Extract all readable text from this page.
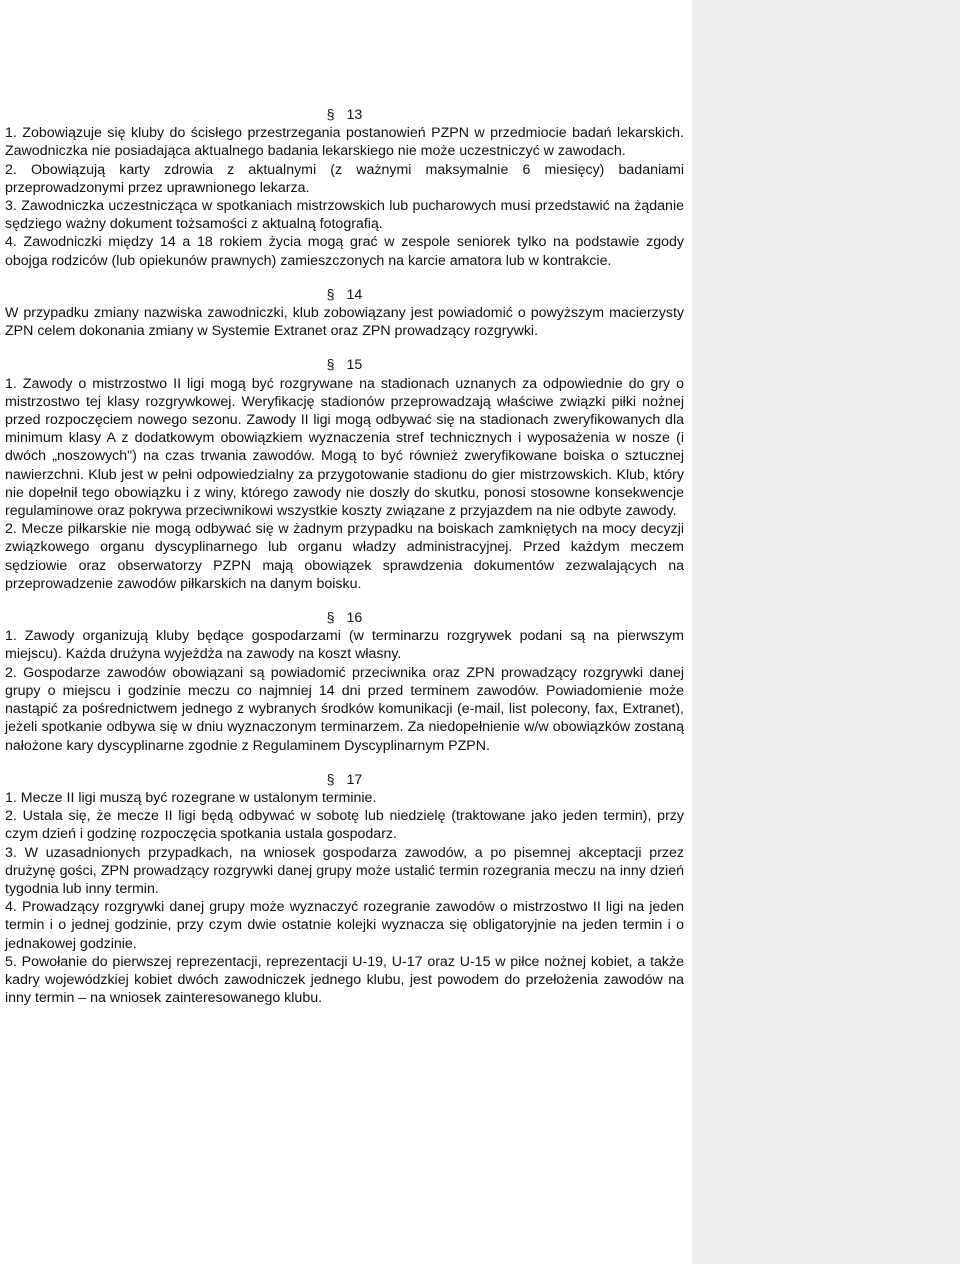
§ 13

1. Zobowiązuje się kluby do ścisłego przestrzegania postanowień PZPN w przedmiocie badań lekarskich. Zawodniczka nie posiadająca aktualnego badania lekarskiego nie może uczestniczyć w zawodach.

2. Obowiązują karty zdrowia z aktualnymi (z ważnymi maksymalnie 6 miesięcy) badaniami przeprowadzonymi przez uprawnionego lekarza.

3. Zawodniczka uczestnicząca w spotkaniach mistrzowskich lub pucharowych musi przedstawić na żądanie sędziego ważny dokument tożsamości z aktualną fotografią.

4. Zawodniczki między 14 a 18 rokiem życia mogą grać w zespole seniorek tylko na podstawie zgody obojga rodziców (lub opiekunów prawnych) zamieszczonych na karcie amatora lub w kontrakcie.

§ 14

W przypadku zmiany nazwiska zawodniczki, klub zobowiązany jest powiadomić o powyższym macierzysty ZPN celem dokonania zmiany w Systemie Extranet oraz ZPN prowadzący rozgrywki.

§ 15

1. Zawody o mistrzostwo II ligi mogą być rozgrywane na stadionach uznanych za odpowiednie do gry o mistrzostwo tej klasy rozgrywkowej. Weryfikację stadionów przeprowadzają właściwe związki piłki nożnej przed rozpoczęciem nowego sezonu. Zawody II ligi mogą odbywać się na stadionach zweryfikowanych dla minimum klasy A z dodatkowym obowiązkiem wyznaczenia stref technicznych i wyposażenia w nosze (i dwóch „noszowych") na czas trwania zawodów. Mogą to być również zweryfikowane boiska o sztucznej nawierzchni. Klub jest w pełni odpowiedzialny za przygotowanie stadionu do gier mistrzowskich. Klub, który nie dopełnił tego obowiązku i z winy, którego zawody nie doszły do skutku, ponosi stosowne konsekwencje regulaminowe oraz pokrywa przeciwnikowi wszystkie koszty związane z przyjazdem na nie odbyte zawody.

2. Mecze piłkarskie nie mogą odbywać się w żadnym przypadku na boiskach zamkniętych na mocy decyzji związkowego organu dyscyplinarnego lub organu władzy administracyjnej. Przed każdym meczem sędziowie oraz obserwatorzy PZPN mają obowiązek sprawdzenia dokumentów zezwalających na przeprowadzenie zawodów piłkarskich na danym boisku.

§ 16

1. Zawody organizują kluby będące gospodarzami (w terminarzu rozgrywek podani są na pierwszym miejscu). Każda drużyna wyjeżdża na zawody na koszt własny.

2. Gospodarze zawodów obowiązani są powiadomić przeciwnika oraz ZPN prowadzący rozgrywki danej grupy o miejscu i godzinie meczu co najmniej 14 dni przed terminem zawodów. Powiadomienie może nastąpić za pośrednictwem jednego z wybranych środków komunikacji (e-mail, list polecony, fax, Extranet), jeżeli spotkanie odbywa się w dniu wyznaczonym terminarzem. Za niedopełnienie w/w obowiązków zostaną nałożone kary dyscyplinarne zgodnie z Regulaminem Dyscyplinarnym PZPN.

§ 17

1. Mecze II ligi muszą być rozegrane w ustalonym terminie.

2. Ustala się, że mecze II ligi będą odbywać w sobotę lub niedzielę (traktowane jako jeden termin), przy czym dzień i godzinę rozpoczęcia spotkania ustala gospodarz.

3. W uzasadnionych przypadkach, na wniosek gospodarza zawodów, a po pisemnej akceptacji przez drużynę gości, ZPN prowadzący rozgrywki danej grupy może ustalić termin rozegrania meczu na inny dzień tygodnia lub inny termin.

4. Prowadzący rozgrywki danej grupy może wyznaczyć rozegranie zawodów o mistrzostwo II ligi na jeden termin i o jednej godzinie, przy czym dwie ostatnie kolejki wyznacza się obligatoryjnie na jeden termin i o jednakowej godzinie.

5. Powołanie do pierwszej reprezentacji, reprezentacji U-19, U-17 oraz U-15 w piłce nożnej kobiet, a także kadry wojewódzkiej kobiet dwóch zawodniczek jednego klubu, jest powodem do przełożenia zawodów na inny termin – na wniosek zainteresowanego klubu.
